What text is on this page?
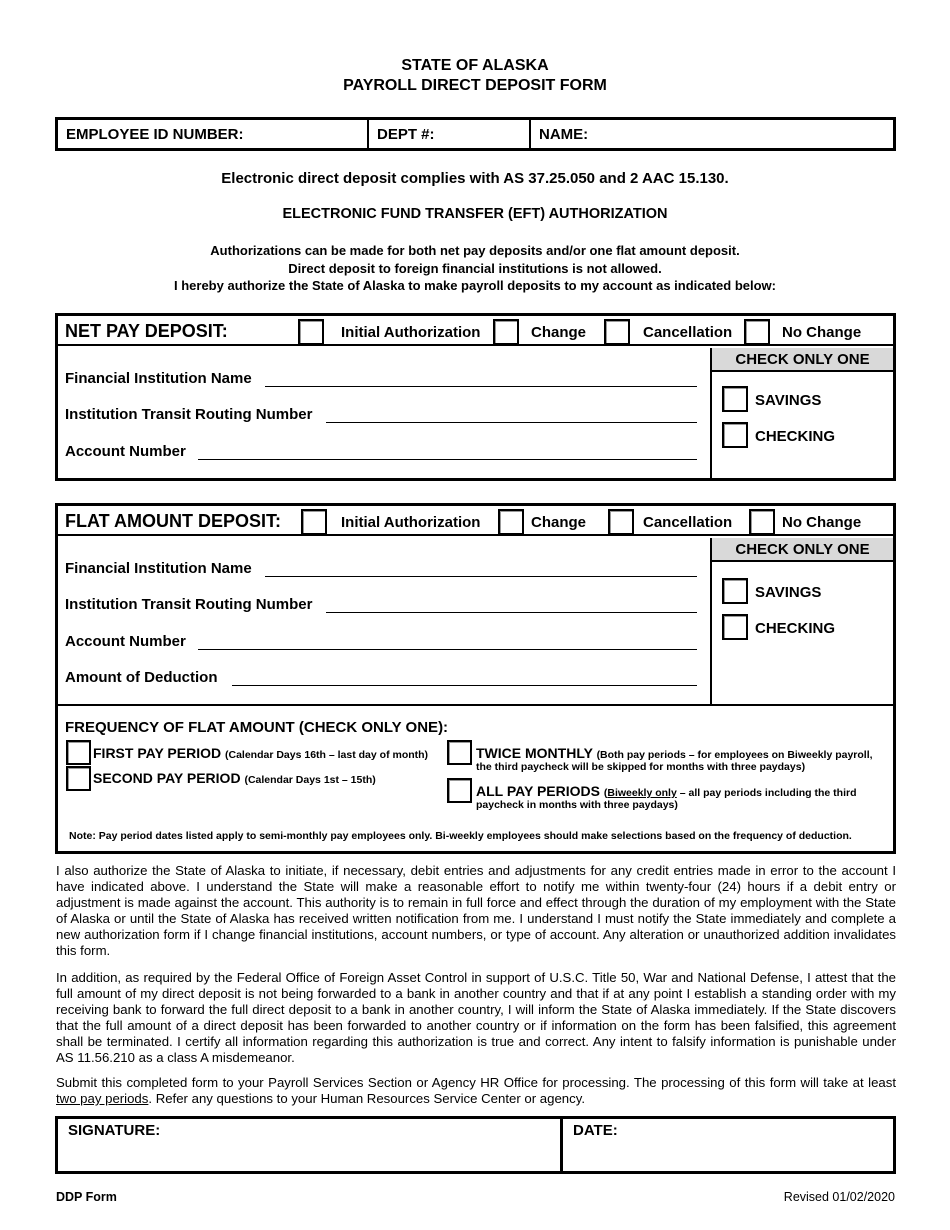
STATE OF ALASKA
PAYROLL DIRECT DEPOSIT FORM
EMPLOYEE ID NUMBER:	DEPT #:	NAME:
Electronic direct deposit complies with AS 37.25.050 and 2 AAC 15.130.
ELECTRONIC FUND TRANSFER (EFT) AUTHORIZATION
Authorizations can be made for both net pay deposits and/or one flat amount deposit.
Direct deposit to foreign financial institutions is not allowed.
I hereby authorize the State of Alaska to make payroll deposits to my account as indicated below:
NET PAY DEPOSIT:	Initial Authorization	Change	Cancellation	No Change
Financial Institution Name
Institution Transit Routing Number
Account Number
CHECK ONLY ONE
SAVINGS
CHECKING
FLAT AMOUNT DEPOSIT:	Initial Authorization	Change	Cancellation	No Change
Financial Institution Name
Institution Transit Routing Number
Account Number
Amount of Deduction
CHECK ONLY ONE
SAVINGS
CHECKING
FREQUENCY OF FLAT AMOUNT (CHECK ONLY ONE):
FIRST PAY PERIOD (Calendar Days 16th – last day of month)
SECOND PAY PERIOD (Calendar Days 1st – 15th)
TWICE MONTHLY (Both pay periods – for employees on Biweekly payroll,
the third paycheck will be skipped for months with three paydays)
ALL PAY PERIODS (Biweekly only – all pay periods including the third
paycheck in months with three paydays)
Note: Pay period dates listed apply to semi-monthly pay employees only. Bi-weekly employees should make selections based on the frequency of deduction.
I also authorize the State of Alaska to initiate, if necessary, debit entries and adjustments for any credit entries made in error to the account I have indicated above. I understand the State will make a reasonable effort to notify me within twenty-four (24) hours if a debit entry or adjustment is made against the account. This authority is to remain in full force and effect through the duration of my employment with the State of Alaska or until the State of Alaska has received written notification from me. I understand I must notify the State immediately and complete a new authorization form if I change financial institutions, account numbers, or type of account. Any alteration or unauthorized addition invalidates this form.
In addition, as required by the Federal Office of Foreign Asset Control in support of U.S.C. Title 50, War and National Defense, I attest that the full amount of my direct deposit is not being forwarded to a bank in another country and that if at any point I establish a standing order with my receiving bank to forward the full direct deposit to a bank in another country, I will inform the State of Alaska immediately. If the State discovers that the full amount of a direct deposit has been forwarded to another country or if information on the form has been falsified, this agreement shall be terminated. I certify all information regarding this authorization is true and correct. Any intent to falsify information is punishable under AS 11.56.210 as a class A misdemeanor.
Submit this completed form to your Payroll Services Section or Agency HR Office for processing. The processing of this form will take at least two pay periods. Refer any questions to your Human Resources Service Center or agency.
SIGNATURE:	DATE:
DDP Form	Revised 01/02/2020
